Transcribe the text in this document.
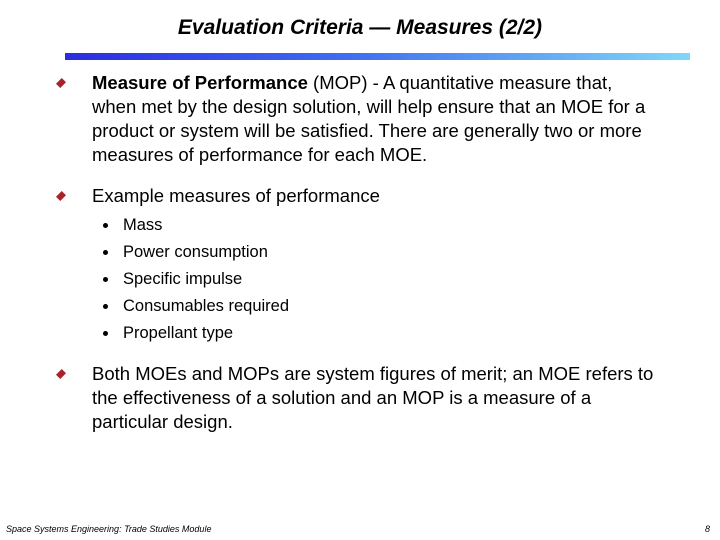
Evaluation Criteria — Measures (2/2)
Measure of Performance (MOP) - A quantitative measure that, when met by the design solution, will help ensure that an MOE for a product or system will be satisfied. There are generally two or more measures of performance for each MOE.
Example measures of performance
Mass
Power consumption
Specific impulse
Consumables required
Propellant type
Both MOEs and MOPs are system figures of merit; an MOE refers to the effectiveness of a solution and an MOP is a measure of a particular design.
Space Systems Engineering: Trade Studies Module	8
